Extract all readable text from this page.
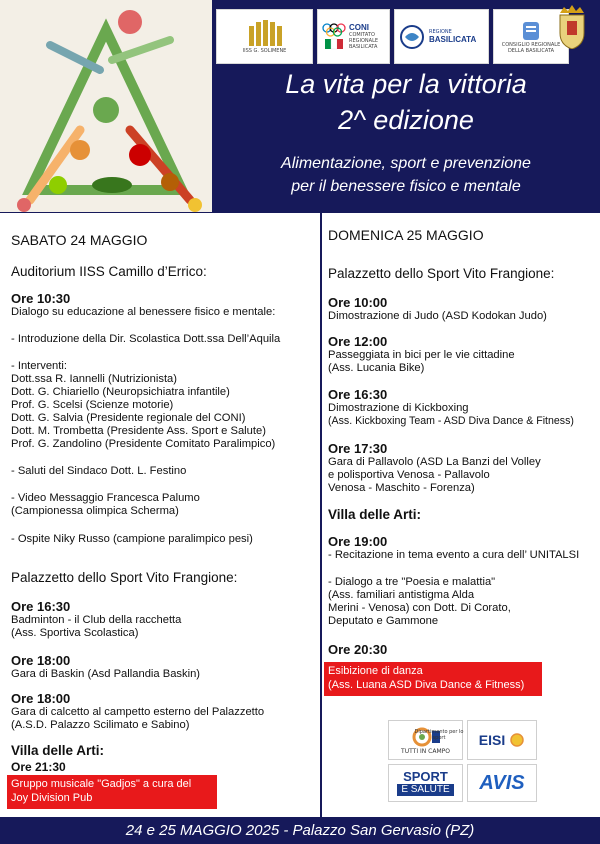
IISS G. SOLIMENE
CONI
COMITATO REGIONALE BASILICATA
REGIONE
BASILICATA
CONSIGLIO REGIONALE
DELLA BASILICATA
La vita per la vittoria
2^ edizione
Alimentazione, sport e prevenzione
per il benessere fisico e mentale
SABATO 24 MAGGIO
Auditorium IISS Camillo d’Errico:
Ore 10:30
Dialogo su educazione al benessere fisico e mentale:
- Introduzione della Dir. Scolastica Dott.ssa Dell’Aquila
- Interventi:
Dott.ssa R. Iannelli (Nutrizionista)
Dott. G. Chiariello (Neuropsichiatra infantile)
Prof. G. Scelsi (Scienze motorie)
Dott. G. Salvia (Presidente regionale del CONI)
Dott. M. Trombetta (Presidente Ass. Sport e Salute)
Prof. G. Zandolino (Presidente Comitato Paralimpico)
- Saluti del Sindaco Dott. L. Festino
- Video Messaggio Francesca Palumo
(Campionessa olimpica Scherma)
- Ospite Niky Russo (campione paralimpico pesi)
Palazzetto dello Sport Vito Frangione:
Ore 16:30
Badminton - il Club della racchetta
(Ass. Sportiva Scolastica)
Ore 18:00
Gara di Baskin (Asd Pallandia Baskin)
Ore 18:00
Gara di calcetto al campetto esterno del Palazzetto
(A.S.D. Palazzo Scilimato e Sabino)
Villa delle Arti:
Ore 21:30
Gruppo musicale "Gadjos" a cura del
Joy Division Pub
DOMENICA 25 MAGGIO
Palazzetto dello Sport Vito Frangione:
Ore 10:00
Dimostrazione di Judo (ASD Kodokan Judo)
Ore 12:00
Passeggiata in bici per le vie cittadine
(Ass. Lucania Bike)
Ore 16:30
Dimostrazione di Kickboxing
(Ass. Kickboxing Team - ASD Diva Dance & Fitness)
Ore 17:30
Gara di Pallavolo (ASD La Banzi del Volley
e polisportiva Venosa - Pallavolo
Venosa - Maschito - Forenza)
Villa delle Arti:
Ore 19:00
- Recitazione in tema evento a cura dell’ UNITALSI
- Dialogo a tre "Poesia e malattia"
(Ass. familiari antistigma Alda
Merini - Venosa) con Dott. Di Corato,
Deputato e Gammone
Ore 20:30
Esibizione di danza
(Ass. Luana ASD Diva Dance & Fitness)
TUTTI IN CAMPO
Dipartimento per lo sport	EISI
SPORT
E SALUTE AVIS
24 e 25 MAGGIO 2025 - Palazzo San Gervasio (PZ)
